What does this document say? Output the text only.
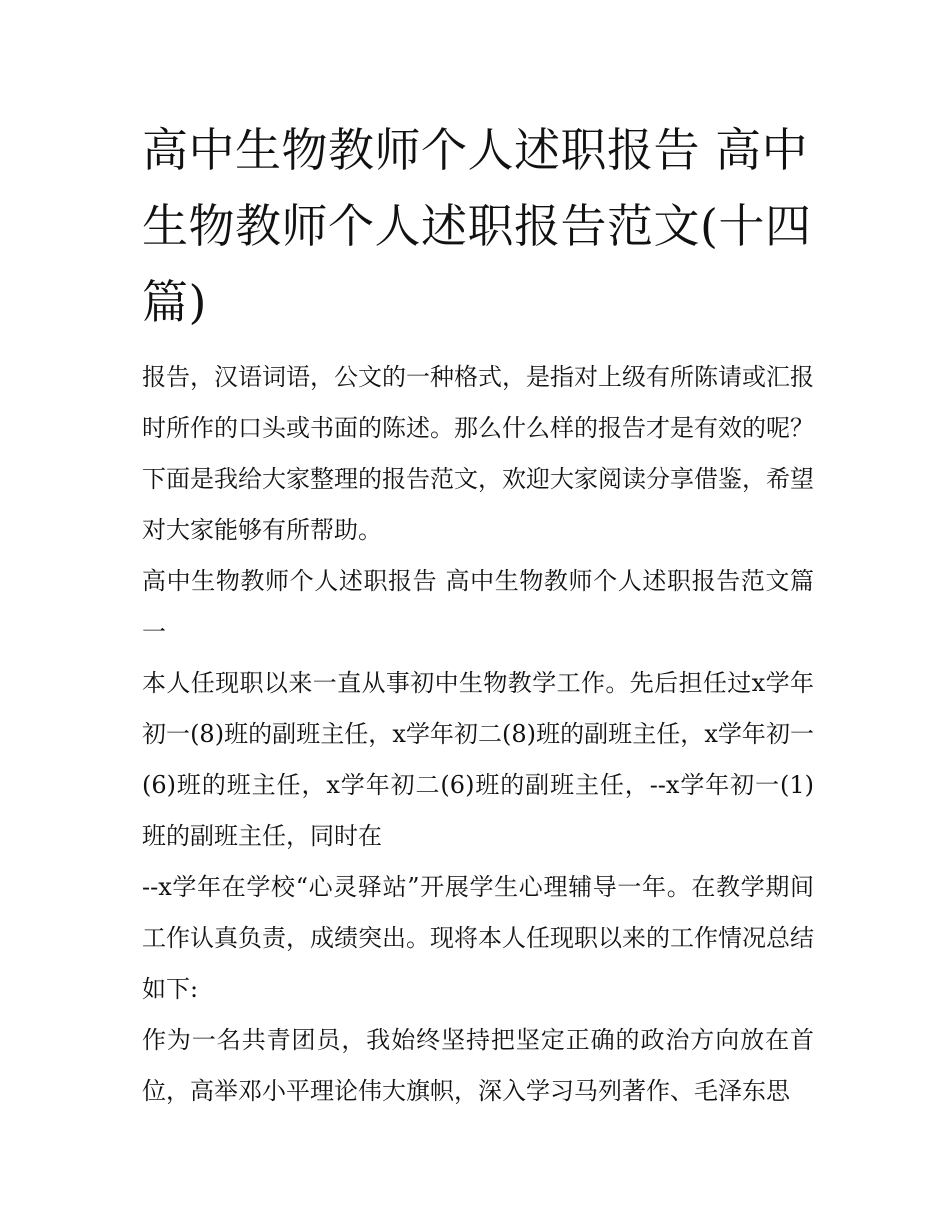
高中生物教师个人述职报告 高中生物教师个人述职报告范文(十四篇)

报告，汉语词语，公文的一种格式，是指对上级有所陈请或汇报时所作的口头或书面的陈述。那么什么样的报告才是有效的呢？下面是我给大家整理的报告范文，欢迎大家阅读分享借鉴，希望对大家能够有所帮助。

高中生物教师个人述职报告 高中生物教师个人述职报告范文篇一

本人任现职以来一直从事初中生物教学工作。先后担任过x学年初一(8)班的副班主任，x学年初二(8)班的副班主任，x学年初一(6)班的班主任，x学年初二(6)班的副班主任，--x学年初一(1)班的副班主任，同时在

--x学年在学校“心灵驿站”开展学生心理辅导一年。在教学期间工作认真负责，成绩突出。现将本人任现职以来的工作情况总结如下:

作为一名共青团员，我始终坚持把坚定正确的政治方向放在首位，高举邓小平理论伟大旗帜，深入学习马列著作、毛泽东思
